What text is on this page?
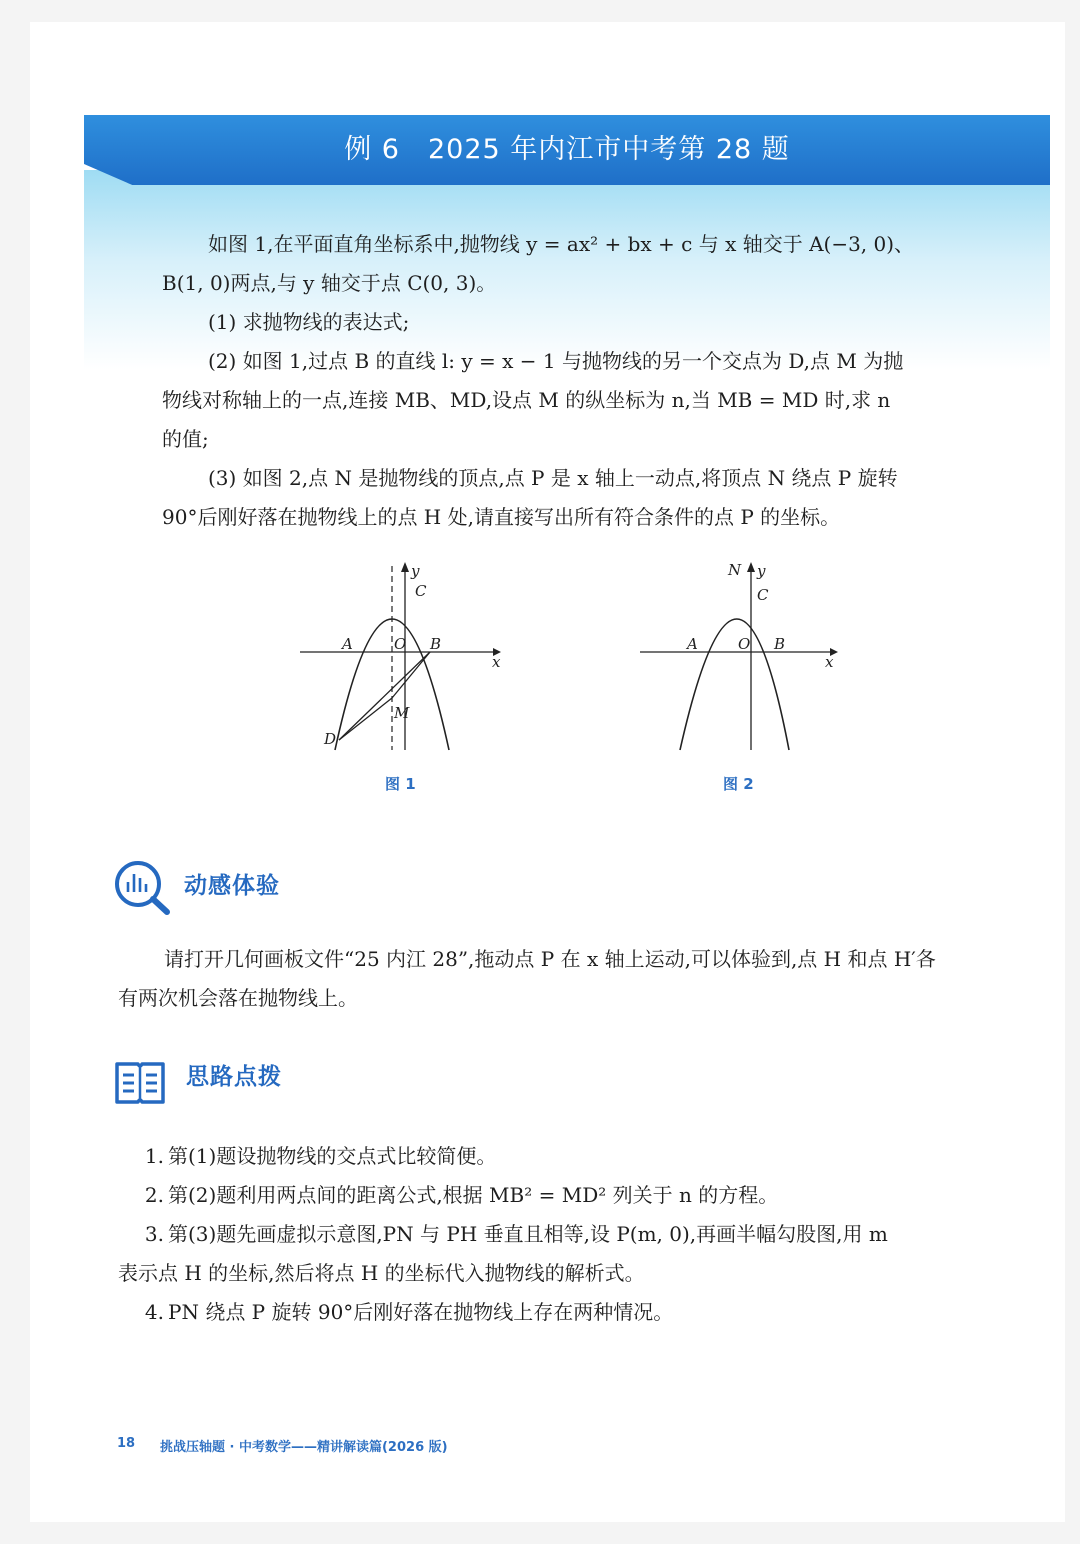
例 6 2025 年内江市中考第 28 题

如图 1,在平面直角坐标系中,抛物线 y = ax² + bx + c 与 x 轴交于 A(−3, 0)、

B(1, 0)两点,与 y 轴交于点 C(0, 3)。

(1) 求抛物线的表达式;

(2) 如图 1,过点 B 的直线 l: y = x − 1 与抛物线的另一个交点为 D,点 M 为抛

物线对称轴上的一点,连接 MB、MD,设点 M 的纵坐标为 n,当 MB = MD 时,求 n

的值;

(3) 如图 2,点 N 是抛物线的顶点,点 P 是 x 轴上一动点,将顶点 N 绕点 P 旋转

90°后刚好落在抛物线上的点 H 处,请直接写出所有符合条件的点 P 的坐标。

y
x
A	O B
C
M
D
图 1
y
N
x
A	O B
C
图 2
动感体验

请打开几何画板文件“25 内江 28”,拖动点 P 在 x 轴上运动,可以体验到,点 H 和点 H′各

有两次机会落在抛物线上。

思路点拨

1. 第(1)题设抛物线的交点式比较简便。

2. 第(2)题利用两点间的距离公式,根据 MB² = MD² 列关于 n 的方程。

3. 第(3)题先画虚拟示意图,PN 与 PH 垂直且相等,设 P(m, 0),再画半幅勾股图,用 m

表示点 H 的坐标,然后将点 H 的坐标代入抛物线的解析式。

4. PN 绕点 P 旋转 90°后刚好落在抛物线上存在两种情况。

18 挑战压轴题 · 中考数学——精讲解读篇(2026 版)
